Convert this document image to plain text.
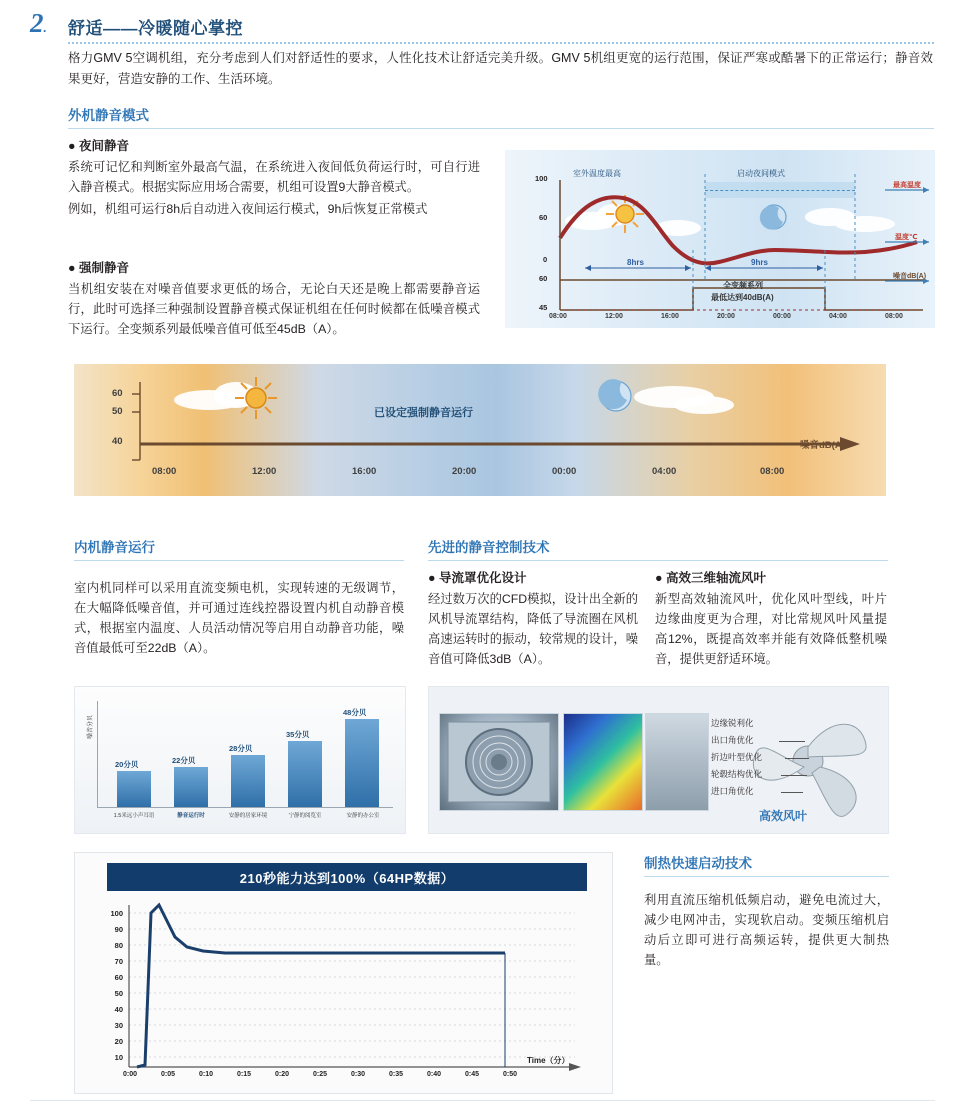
2. 舒适——冷暖随心掌控
格力GMV 5空调机组，充分考虑到人们对舒适性的要求，人性化技术让舒适完美升级。GMV 5机组更宽的运行范围，保证严寒或酷暑下的正常运行；静音效果更好，营造安静的工作、生活环境。
外机静音模式
● 夜间静音
系统可记忆和判断室外最高气温，在系统进入夜间低负荷运行时，可自行进入静音模式。根据实际应用场合需要，机组可设置9大静音模式。
例如，机组可运行8h后自动进入夜间运行模式，9h后恢复正常模式
● 强制静音
当机组安装在对噪音值要求更低的场合，无论白天还是晚上都需要静音运行，此时可选择三种强制设置静音模式保证机组在任何时候都在低噪音模式下运行。全变频系列最低噪音值可低至45dB（A）。
室外温度最高	启动夜间模式
100
60
0
60
45
最高温度
温度℃
噪音dB(A)
8hrs	9hrs
全变频系列
最低达到40dB(A)
08:00	12:00	16:00	20:00	00:00	04:00	08:00
60
50
40
已设定强制静音运行
噪音dB(A)
08:00	12:00	16:00	20:00	00:00	04:00	08:00
内机静音运行	先进的静音控制技术
室内机同样可以采用直流变频电机，实现转速的无级调节，在大幅降低噪音值，并可通过连线控器设置内机自动静音模式，根据室内温度、人员活动情况等启用自动静音功能，噪音值最低可至22dB（A）。
● 导流罩优化设计
经过数万次的CFD模拟，设计出全新的风机导流罩结构，降低了导流圈在风机高速运转时的振动，较常规的设计，噪音值可降低3dB（A）。
● 高效三维轴流风叶
新型高效轴流风叶，优化风叶型线，叶片边缘曲度更为合理，对比常规风叶风量提高12%，既提高效率并能有效降低整机噪音，提供更舒适环境。
噪音分贝
20分贝	22分贝
28分贝
35分贝
48分贝
1.5米远小声耳语	静音运行时	安静的居家环境	宁静的阅览室	安静的办公室
边缘锐利化
出口角优化
折边叶型优化
轮毂结构优化
进口角优化
高效风叶
210秒能力达到100%（64HP数据）
100
90
80
70
60
50
40
30
20
10
0:00	0:05	0:10	0:15	0:20	0:25	0:30	0:35	0:40	0:45	0:50
Time（分）
制热快速启动技术
利用直流压缩机低频启动，避免电流过大，减少电网冲击，实现软启动。变频压缩机启动后立即可进行高频运转，提供更大制热量。
